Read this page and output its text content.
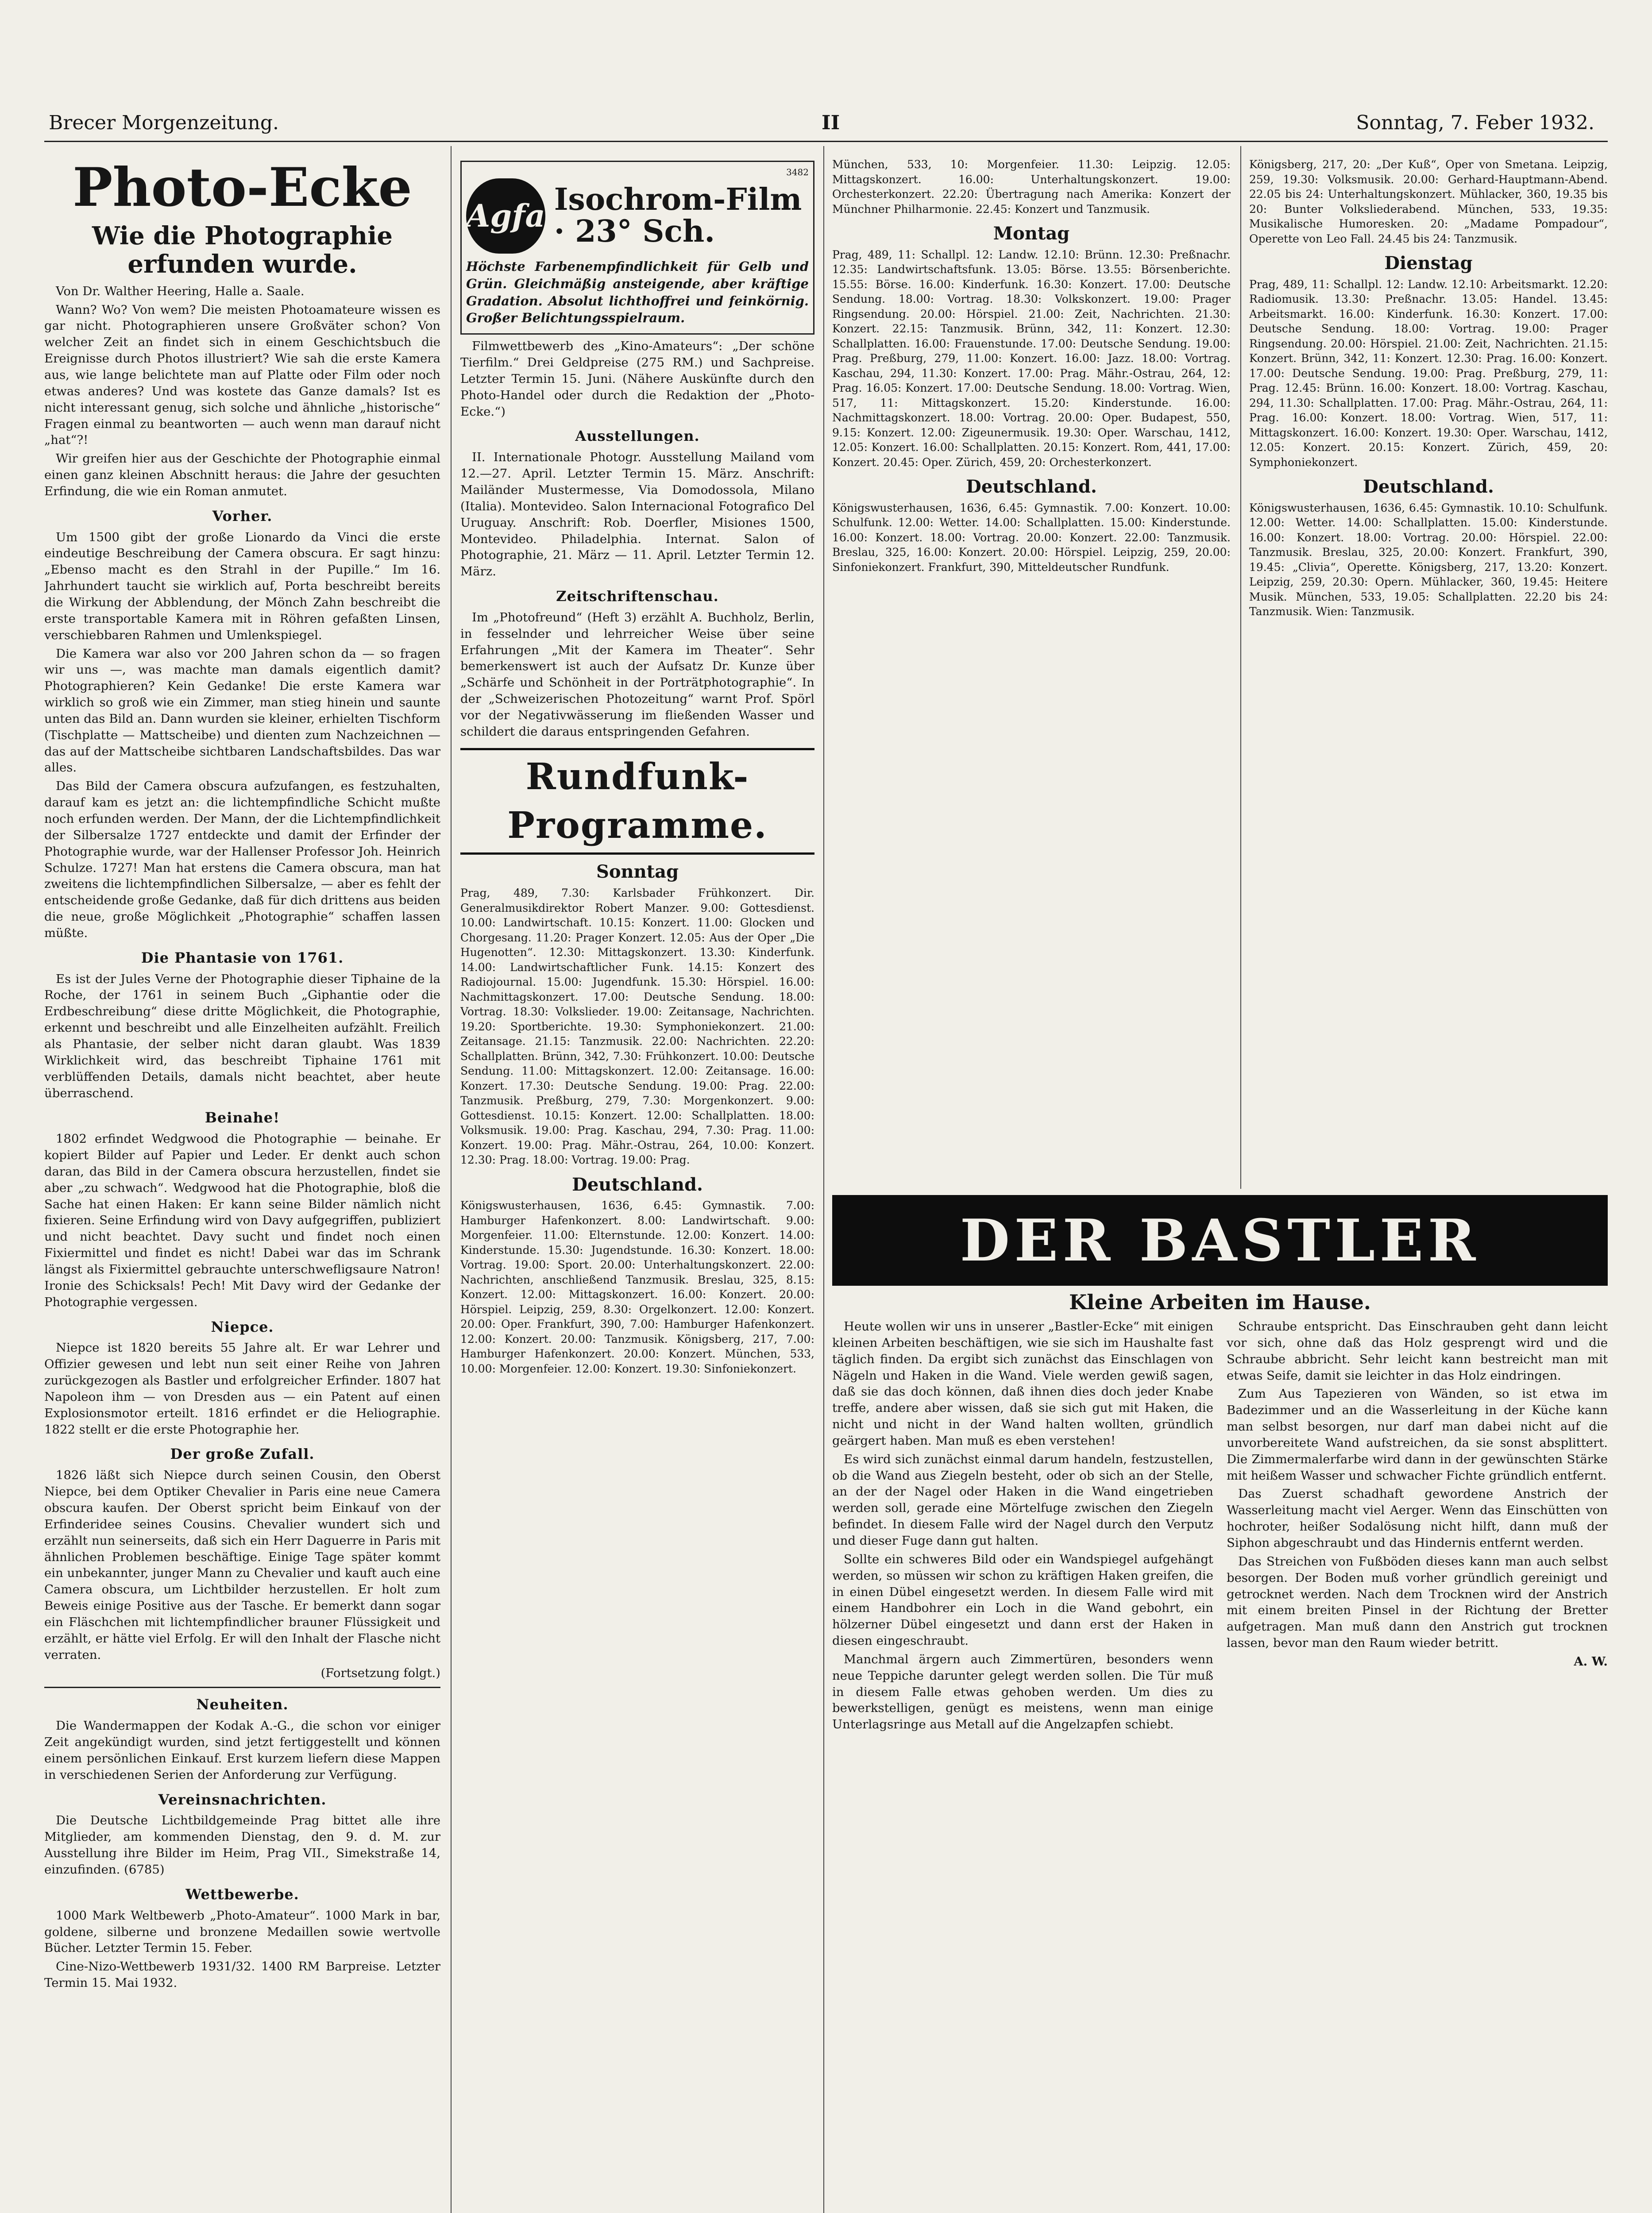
Brecer Morgenzeitung.	II	Sonntag, 7. Feber 1932.
Photo-Ecke
Wie die Photographie erfunden wurde.

Von Dr. Walther Heering, Halle a. Saale.

Wann? Wo? Von wem? Die meisten Photoamateure wissen es gar nicht. Photographieren unsere Großväter schon? Von welcher Zeit an findet sich in einem Geschichtsbuch die Ereignisse durch Photos illustriert? Wie sah die erste Kamera aus, wie lange belichtete man auf Platte oder Film oder noch etwas anderes? Und was kostete das Ganze damals? Ist es nicht interessant genug, sich solche und ähnliche „historische“ Fragen einmal zu beantworten — auch wenn man darauf nicht „hat“?!

Wir greifen hier aus der Geschichte der Photographie einmal einen ganz kleinen Abschnitt heraus: die Jahre der gesuchten Erfindung, die wie ein Roman anmutet.

Vorher.

Um 1500 gibt der große Lionardo da Vinci die erste eindeutige Beschreibung der Camera obscura. Er sagt hinzu: „Ebenso macht es den Strahl in der Pupille.“ Im 16. Jahrhundert taucht sie wirklich auf, Porta beschreibt bereits die Wirkung der Abblendung, der Mönch Zahn beschreibt die erste transportable Kamera mit in Röhren gefaßten Linsen, verschiebbaren Rahmen und Umlenkspiegel.

Die Kamera war also vor 200 Jahren schon da — so fragen wir uns —, was machte man damals eigentlich damit? Photographieren? Kein Gedanke! Die erste Kamera war wirklich so groß wie ein Zimmer, man stieg hinein und saunte unten das Bild an. Dann wurden sie kleiner, erhielten Tischform (Tischplatte — Mattscheibe) und dienten zum Nachzeichnen — das auf der Mattscheibe sichtbaren Landschaftsbildes. Das war alles.

Das Bild der Camera obscura aufzufangen, es festzuhalten, darauf kam es jetzt an: die lichtempfindliche Schicht mußte noch erfunden werden. Der Mann, der die Lichtempfindlichkeit der Silbersalze 1727 entdeckte und damit der Erfinder der Photographie wurde, war der Hallenser Professor Joh. Heinrich Schulze. 1727! Man hat erstens die Camera obscura, man hat zweitens die lichtempfindlichen Silbersalze, — aber es fehlt der entscheidende große Gedanke, daß für dich drittens aus beiden die neue, große Möglichkeit „Photographie“ schaffen lassen müßte.

Die Phantasie von 1761.

Es ist der Jules Verne der Photographie dieser Tiphaine de la Roche, der 1761 in seinem Buch „Giphantie oder die Erdbeschreibung“ diese dritte Möglichkeit, die Photographie, erkennt und beschreibt und alle Einzelheiten aufzählt. Freilich als Phantasie, der selber nicht daran glaubt. Was 1839 Wirklichkeit wird, das beschreibt Tiphaine 1761 mit verblüffenden Details, damals nicht beachtet, aber heute überraschend.

Beinahe!

1802 erfindet Wedgwood die Photographie — beinahe. Er kopiert Bilder auf Papier und Leder. Er denkt auch schon daran, das Bild in der Camera obscura herzustellen, findet sie aber „zu schwach“. Wedgwood hat die Photographie, bloß die Sache hat einen Haken: Er kann seine Bilder nämlich nicht fixieren. Seine Erfindung wird von Davy aufgegriffen, publiziert und nicht beachtet. Davy sucht und findet noch einen Fixiermittel und findet es nicht! Dabei war das im Schrank längst als Fixiermittel gebrauchte unterschwefligsaure Natron! Ironie des Schicksals! Pech! Mit Davy wird der Gedanke der Photographie vergessen.

Niepce.

Niepce ist 1820 bereits 55 Jahre alt. Er war Lehrer und Offizier gewesen und lebt nun seit einer Reihe von Jahren zurückgezogen als Bastler und erfolgreicher Erfinder. 1807 hat Napoleon ihm — von Dresden aus — ein Patent auf einen Explosionsmotor erteilt. 1816 erfindet er die Heliographie. 1822 stellt er die erste Photographie her.

Der große Zufall.

1826 läßt sich Niepce durch seinen Cousin, den Oberst Niepce, bei dem Optiker Chevalier in Paris eine neue Camera obscura kaufen. Der Oberst spricht beim Einkauf von der Erfinderidee seines Cousins. Chevalier wundert sich und erzählt nun seinerseits, daß sich ein Herr Daguerre in Paris mit ähnlichen Problemen beschäftige. Einige Tage später kommt ein unbekannter, junger Mann zu Chevalier und kauft auch eine Camera obscura, um Lichtbilder herzustellen. Er holt zum Beweis einige Positive aus der Tasche. Er bemerkt dann sogar ein Fläschchen mit lichtempfindlicher brauner Flüssigkeit und erzählt, er hätte viel Erfolg. Er will den Inhalt der Flasche nicht verraten.

(Fortsetzung folgt.)

Neuheiten.

Die Wandermappen der Kodak A.-G., die schon vor einiger Zeit angekündigt wurden, sind jetzt fertiggestellt und können einem persönlichen Einkauf. Erst kurzem liefern diese Mappen in verschiedenen Serien der Anforderung zur Verfügung.

Vereinsnachrichten.

Die Deutsche Lichtbildgemeinde Prag bittet alle ihre Mitglieder, am kommenden Dienstag, den 9. d. M. zur Ausstellung ihre Bilder im Heim, Prag VII., Simekstraße 14, einzufinden. (6785)

Wettbewerbe.

1000 Mark Weltbewerb „Photo-Amateur“. 1000 Mark in bar, goldene, silberne und bronzene Medaillen sowie wertvolle Bücher. Letzter Termin 15. Feber.

Cine-Nizo-Wettbewerb 1931/32. 1400 RM Barpreise. Letzter Termin 15. Mai 1932.

3482
Agfa Isochrom-Film · 23° Sch.

Höchste Farbenempfindlichkeit für Gelb und Grün. Gleichmäßig ansteigende, aber kräftige Gradation. Absolut lichthoffrei und feinkörnig. Großer Belichtungsspielraum.

Filmwettbewerb des „Kino-Amateurs“: „Der schöne Tierfilm.“ Drei Geldpreise (275 RM.) und Sachpreise. Letzter Termin 15. Juni. (Nähere Auskünfte durch den Photo-Handel oder durch die Redaktion der „Photo-Ecke.“)

Ausstellungen.

II. Internationale Photogr. Ausstellung Mailand vom 12.—27. April. Letzter Termin 15. März. Anschrift: Mailänder Mustermesse, Via Domodossola, Milano (Italia). Montevideo. Salon Internacional Fotografico Del Uruguay. Anschrift: Rob. Doerfler, Misiones 1500, Montevideo. Philadelphia. Internat. Salon of Photographie, 21. März — 11. April. Letzter Termin 12. März.

Zeitschriftenschau.

Im „Photofreund“ (Heft 3) erzählt A. Buchholz, Berlin, in fesselnder und lehrreicher Weise über seine Erfahrungen „Mit der Kamera im Theater“. Sehr bemerkenswert ist auch der Aufsatz Dr. Kunze über „Schärfe und Schönheit in der Porträtphotographie“. In der „Schweizerischen Photozeitung“ warnt Prof. Spörl vor der Negativwässerung im fließenden Wasser und schildert die daraus entspringenden Gefahren.

Rundfunk-Programme.
Sonntag

Prag, 489, 7.30: Karlsbader Frühkonzert. Dir. Generalmusikdirektor Robert Manzer. 9.00: Gottesdienst. 10.00: Landwirtschaft. 10.15: Konzert. 11.00: Glocken und Chorgesang. 11.20: Prager Konzert. 12.05: Aus der Oper „Die Hugenotten“. 12.30: Mittagskonzert. 13.30: Kinderfunk. 14.00: Landwirtschaftlicher Funk. 14.15: Konzert des Radiojournal. 15.00: Jugendfunk. 15.30: Hörspiel. 16.00: Nachmittagskonzert. 17.00: Deutsche Sendung. 18.00: Vortrag. 18.30: Volkslieder. 19.00: Zeitansage, Nachrichten. 19.20: Sportberichte. 19.30: Symphoniekonzert. 21.00: Zeitansage. 21.15: Tanzmusik. 22.00: Nachrichten. 22.20: Schallplatten. Brünn, 342, 7.30: Frühkonzert. 10.00: Deutsche Sendung. 11.00: Mittagskonzert. 12.00: Zeitansage. 16.00: Konzert. 17.30: Deutsche Sendung. 19.00: Prag. 22.00: Tanzmusik. Preßburg, 279, 7.30: Morgenkonzert. 9.00: Gottesdienst. 10.15: Konzert. 12.00: Schallplatten. 18.00: Volksmusik. 19.00: Prag. Kaschau, 294, 7.30: Prag. 11.00: Konzert. 19.00: Prag. Mähr.-Ostrau, 264, 10.00: Konzert. 12.30: Prag. 18.00: Vortrag. 19.00: Prag.

Deutschland.

Königswusterhausen, 1636, 6.45: Gymnastik. 7.00: Hamburger Hafenkonzert. 8.00: Landwirtschaft. 9.00: Morgenfeier. 11.00: Elternstunde. 12.00: Konzert. 14.00: Kinderstunde. 15.30: Jugendstunde. 16.30: Konzert. 18.00: Vortrag. 19.00: Sport. 20.00: Unterhaltungskonzert. 22.00: Nachrichten, anschließend Tanzmusik. Breslau, 325, 8.15: Konzert. 12.00: Mittagskonzert. 16.00: Konzert. 20.00: Hörspiel. Leipzig, 259, 8.30: Orgelkonzert. 12.00: Konzert. 20.00: Oper. Frankfurt, 390, 7.00: Hamburger Hafenkonzert. 12.00: Konzert. 20.00: Tanzmusik. Königsberg, 217, 7.00: Hamburger Hafenkonzert. 20.00: Konzert. München, 533, 10.00: Morgenfeier. 12.00: Konzert. 19.30: Sinfoniekonzert.

München, 533, 10: Morgenfeier. 11.30: Leipzig. 12.05: Mittagskonzert. 16.00: Unterhaltungskonzert. 19.00: Orchesterkonzert. 22.20: Übertragung nach Amerika: Konzert der Münchner Philharmonie. 22.45: Konzert und Tanzmusik.

Montag

Prag, 489, 11: Schallpl. 12: Landw. 12.10: Brünn. 12.30: Preßnachr. 12.35: Landwirtschaftsfunk. 13.05: Börse. 13.55: Börsenberichte. 15.55: Börse. 16.00: Kinderfunk. 16.30: Konzert. 17.00: Deutsche Sendung. 18.00: Vortrag. 18.30: Volkskonzert. 19.00: Prager Ringsendung. 20.00: Hörspiel. 21.00: Zeit, Nachrichten. 21.30: Konzert. 22.15: Tanzmusik. Brünn, 342, 11: Konzert. 12.30: Schallplatten. 16.00: Frauenstunde. 17.00: Deutsche Sendung. 19.00: Prag. Preßburg, 279, 11.00: Konzert. 16.00: Jazz. 18.00: Vortrag. Kaschau, 294, 11.30: Konzert. 17.00: Prag. Mähr.-Ostrau, 264, 12: Prag. 16.05: Konzert. 17.00: Deutsche Sendung. 18.00: Vortrag. Wien, 517, 11: Mittagskonzert. 15.20: Kinderstunde. 16.00: Nachmittagskonzert. 18.00: Vortrag. 20.00: Oper. Budapest, 550, 9.15: Konzert. 12.00: Zigeunermusik. 19.30: Oper. Warschau, 1412, 12.05: Konzert. 16.00: Schallplatten. 20.15: Konzert. Rom, 441, 17.00: Konzert. 20.45: Oper. Zürich, 459, 20: Orchesterkonzert.

Deutschland.

Königswusterhausen, 1636, 6.45: Gymnastik. 7.00: Konzert. 10.00: Schulfunk. 12.00: Wetter. 14.00: Schallplatten. 15.00: Kinderstunde. 16.00: Konzert. 18.00: Vortrag. 20.00: Konzert. 22.00: Tanzmusik. Breslau, 325, 16.00: Konzert. 20.00: Hörspiel. Leipzig, 259, 20.00: Sinfoniekonzert. Frankfurt, 390, Mitteldeutscher Rundfunk.

Königsberg, 217, 20: „Der Kuß“, Oper von Smetana. Leipzig, 259, 19.30: Volksmusik. 20.00: Gerhard-Hauptmann-Abend. 22.05 bis 24: Unterhaltungskonzert. Mühlacker, 360, 19.35 bis 20: Bunter Volksliederabend. München, 533, 19.35: Musikalische Humoresken. 20: „Madame Pompadour“, Operette von Leo Fall. 24.45 bis 24: Tanzmusik.

Dienstag

Prag, 489, 11: Schallpl. 12: Landw. 12.10: Arbeitsmarkt. 12.20: Radiomusik. 13.30: Preßnachr. 13.05: Handel. 13.45: Arbeitsmarkt. 16.00: Kinderfunk. 16.30: Konzert. 17.00: Deutsche Sendung. 18.00: Vortrag. 19.00: Prager Ringsendung. 20.00: Hörspiel. 21.00: Zeit, Nachrichten. 21.15: Konzert. Brünn, 342, 11: Konzert. 12.30: Prag. 16.00: Konzert. 17.00: Deutsche Sendung. 19.00: Prag. Preßburg, 279, 11: Prag. 12.45: Brünn. 16.00: Konzert. 18.00: Vortrag. Kaschau, 294, 11.30: Schallplatten. 17.00: Prag. Mähr.-Ostrau, 264, 11: Prag. 16.00: Konzert. 18.00: Vortrag. Wien, 517, 11: Mittagskonzert. 16.00: Konzert. 19.30: Oper. Warschau, 1412, 12.05: Konzert. 20.15: Konzert. Zürich, 459, 20: Symphoniekonzert.

Deutschland.

Königswusterhausen, 1636, 6.45: Gymnastik. 10.10: Schulfunk. 12.00: Wetter. 14.00: Schallplatten. 15.00: Kinderstunde. 16.00: Konzert. 18.00: Vortrag. 20.00: Hörspiel. 22.00: Tanzmusik. Breslau, 325, 20.00: Konzert. Frankfurt, 390, 19.45: „Clivia“, Operette. Königsberg, 217, 13.20: Konzert. Leipzig, 259, 20.30: Opern. Mühlacker, 360, 19.45: Heitere Musik. München, 533, 19.05: Schallplatten. 22.20 bis 24: Tanzmusik. Wien: Tanzmusik.

DER BASTLER
Kleine Arbeiten im Hause.

Heute wollen wir uns in unserer „Bastler-Ecke“ mit einigen kleinen Arbeiten beschäftigen, wie sie sich im Haushalte fast täglich finden. Da ergibt sich zunächst das Einschlagen von Nägeln und Haken in die Wand. Viele werden gewiß sagen, daß sie das doch können, daß ihnen dies doch jeder Knabe treffe, andere aber wissen, daß sie sich gut mit Haken, die nicht und nicht in der Wand halten wollten, gründlich geärgert haben. Man muß es eben verstehen!

Es wird sich zunächst einmal darum handeln, festzustellen, ob die Wand aus Ziegeln besteht, oder ob sich an der Stelle, an der der Nagel oder Haken in die Wand eingetrieben werden soll, gerade eine Mörtelfuge zwischen den Ziegeln befindet. In diesem Falle wird der Nagel durch den Verputz und dieser Fuge dann gut halten.

Sollte ein schweres Bild oder ein Wandspiegel aufgehängt werden, so müssen wir schon zu kräftigen Haken greifen, die in einen Dübel eingesetzt werden. In diesem Falle wird mit einem Handbohrer ein Loch in die Wand gebohrt, ein hölzerner Dübel eingesetzt und dann erst der Haken in diesen eingeschraubt.

Manchmal ärgern auch Zimmertüren, besonders wenn neue Teppiche darunter gelegt werden sollen. Die Tür muß in diesem Falle etwas gehoben werden. Um dies zu bewerkstelligen, genügt es meistens, wenn man einige Unterlagsringe aus Metall auf die Angelzapfen schiebt.

Schraube entspricht. Das Einschrauben geht dann leicht vor sich, ohne daß das Holz gesprengt wird und die Schraube abbricht. Sehr leicht kann bestreicht man mit etwas Seife, damit sie leichter in das Holz eindringen.

Zum Aus Tapezieren von Wänden, so ist etwa im Badezimmer und an die Wasserleitung in der Küche kann man selbst besorgen, nur darf man dabei nicht auf die unvorbereitete Wand aufstreichen, da sie sonst absplittert. Die Zimmermalerfarbe wird dann in der gewünschten Stärke mit heißem Wasser und schwacher Fichte gründlich entfernt.

Das Zuerst schadhaft gewordene Anstrich der Wasserleitung macht viel Aerger. Wenn das Einschütten von hochroter, heißer Sodalösung nicht hilft, dann muß der Siphon abgeschraubt und das Hindernis entfernt werden.

Das Streichen von Fußböden dieses kann man auch selbst besorgen. Der Boden muß vorher gründlich gereinigt und getrocknet werden. Nach dem Trocknen wird der Anstrich mit einem breiten Pinsel in der Richtung der Bretter aufgetragen. Man muß dann den Anstrich gut trocknen lassen, bevor man den Raum wieder betritt.

A. W.
